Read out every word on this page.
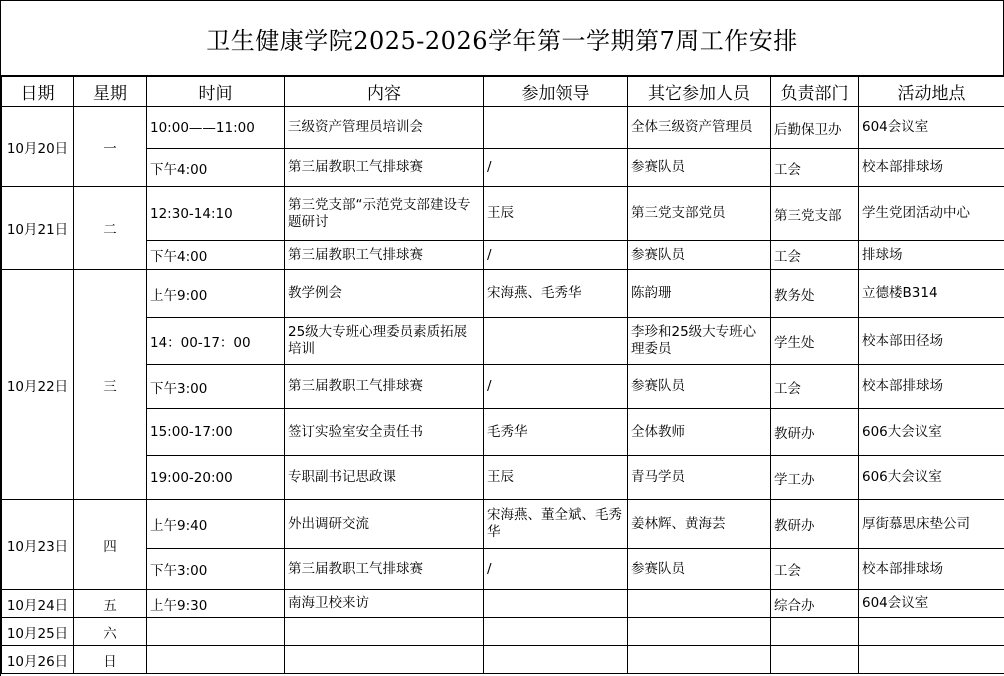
卫生健康学院2025-2026学年第一学期第7周工作安排
日期	星期	时间	内容	参加领导	其它参加人员	负责部门	活动地点
10月20日	一	10:00——11:00	三级资产管理员培训会		全体三级资产管理员	后勤保卫办	604会议室
		下午4:00	第三届教职工气排球赛	/	参赛队员	工会	校本部排球场
10月21日	二	12:30-14:10	第三党支部“示范党支部建设专题研讨	王辰	第三党支部党员	第三党支部	学生党团活动中心
		下午4:00	第三届教职工气排球赛	/	参赛队员	工会	排球场
10月22日	三	上午9:00	教学例会	宋海燕、毛秀华	陈韵珊	教务处	立德楼B314
		14：00-17：00	25级大专班心理委员素质拓展培训		李珍和25级大专班心理委员	学生处	校本部田径场
		下午3:00	第三届教职工气排球赛	/	参赛队员	工会	校本部排球场
		15:00-17:00	签订实验室安全责任书	毛秀华	全体教师	教研办	606大会议室
		19:00-20:00	专职副书记思政课	王辰	青马学员	学工办	606大会议室
10月23日	四	上午9:40	外出调研交流	宋海燕、董全斌、毛秀华	姜林辉、黄海芸	教研办	厚街慕思床垫公司
		下午3:00	第三届教职工气排球赛	/	参赛队员	工会	校本部排球场
10月24日	五	上午9:30	南海卫校来访			综合办	604会议室
10月25日	六						
10月26日	日						
